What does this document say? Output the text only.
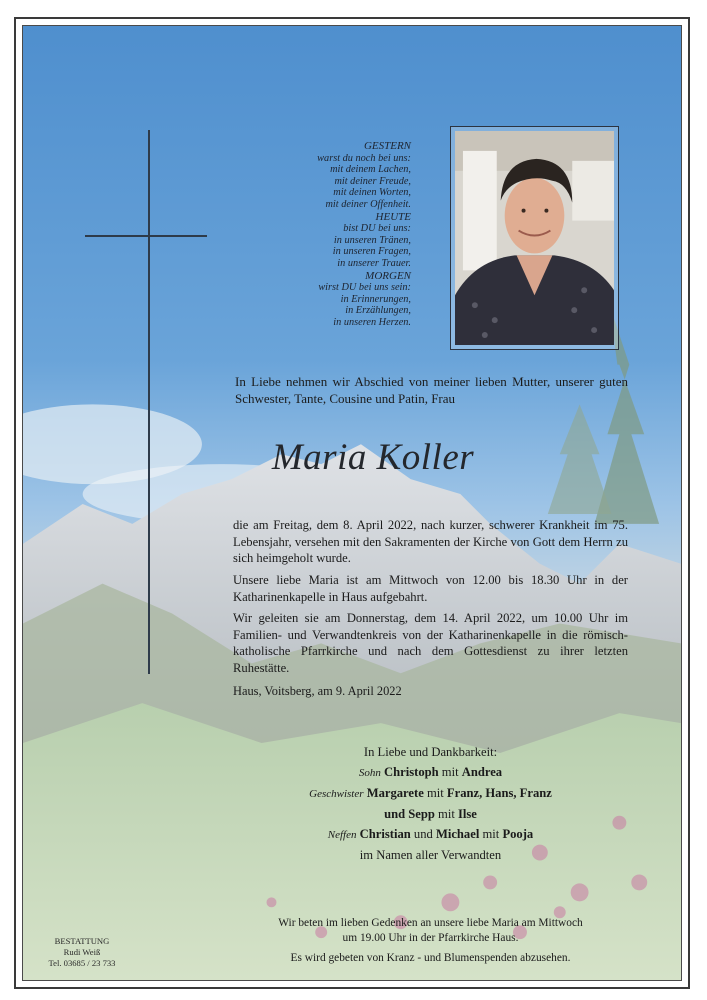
GESTERN
warst du noch bei uns:
mit deinem Lachen,
mit deiner Freude,
mit deinen Worten,
mit deiner Offenheit.
HEUTE
bist DU bei uns:
in unseren Tränen,
in unseren Fragen,
in unserer Trauer.
MORGEN
wirst DU bei uns sein:
in Erinnerungen,
in Erzählungen,
in unseren Herzen.
In Liebe nehmen wir Abschied von meiner lieben Mutter, unserer guten Schwester, Tante, Cousine und Patin, Frau
Maria Koller
die am Freitag, dem 8. April 2022, nach kurzer, schwerer Krankheit im 75. Lebensjahr, versehen mit den Sakramenten der Kirche von Gott dem Herrn zu sich heimgeholt wurde.
Unsere liebe Maria ist am Mittwoch von 12.00 bis 18.30 Uhr in der Katharinenkapelle in Haus aufgebahrt.
Wir geleiten sie am Donnerstag, dem 14. April 2022, um 10.00 Uhr im Familien- und Verwandtenkreis von der Katharinenkapelle in die römisch-katholische Pfarrkirche und nach dem Gottesdienst zu ihrer letzten Ruhestätte.
Haus, Voitsberg, am 9. April 2022
In Liebe und Dankbarkeit:
Sohn Christoph mit Andrea
Geschwister Margarete mit Franz, Hans, Franz
und Sepp mit Ilse
Neffen Christian und Michael mit Pooja
im Namen aller Verwandten
Wir beten im lieben Gedenken an unsere liebe Maria am Mittwoch
um 19.00 Uhr in der Pfarrkirche Haus.
Es wird gebeten von Kranz - und Blumenspenden abzusehen.
BESTATTUNG
Rudi Weiß
Tel. 03685 / 23 733
